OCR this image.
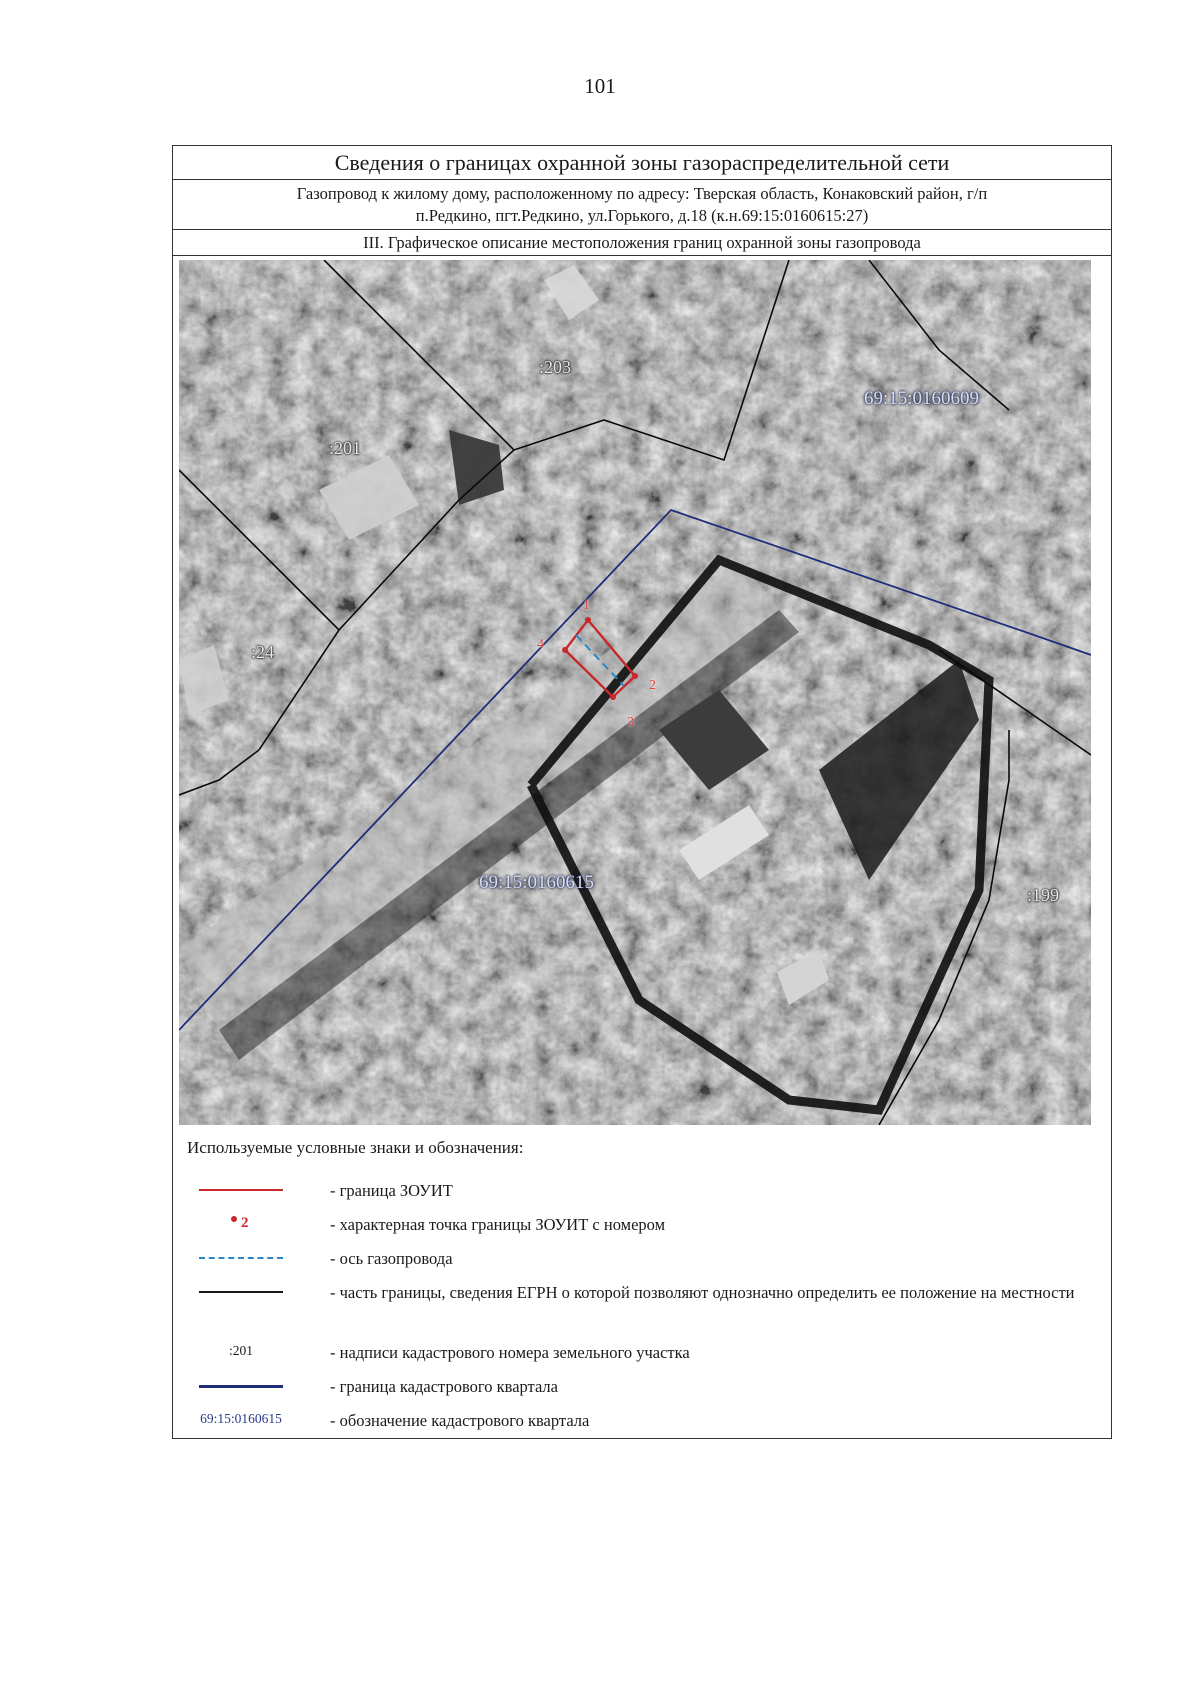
101
Сведения о границах охранной зоны газораспределительной сети
Газопровод к жилому дому, расположенному по адресу: Тверская область, Конаковский район, г/п
п.Редкино, пгт.Редкино, ул.Горького, д.18 (к.н.69:15:0160615:27)
III. Графическое описание местоположения границ охранной зоны газопровода
:203
:201
:24
:199
69:15:0160609
69:15:0160615
1
2
3
4
Используемые условные знаки и обозначения:
- граница ЗОУИТ
2	- характерная точка границы ЗОУИТ с номером
- ось газопровода
- часть границы, сведения ЕГРН о которой позволяют однозначно определить ее положение на местности
:201	- надписи кадастрового номера земельного участка
- граница кадастрового квартала
69:15:0160615	- обозначение кадастрового квартала
